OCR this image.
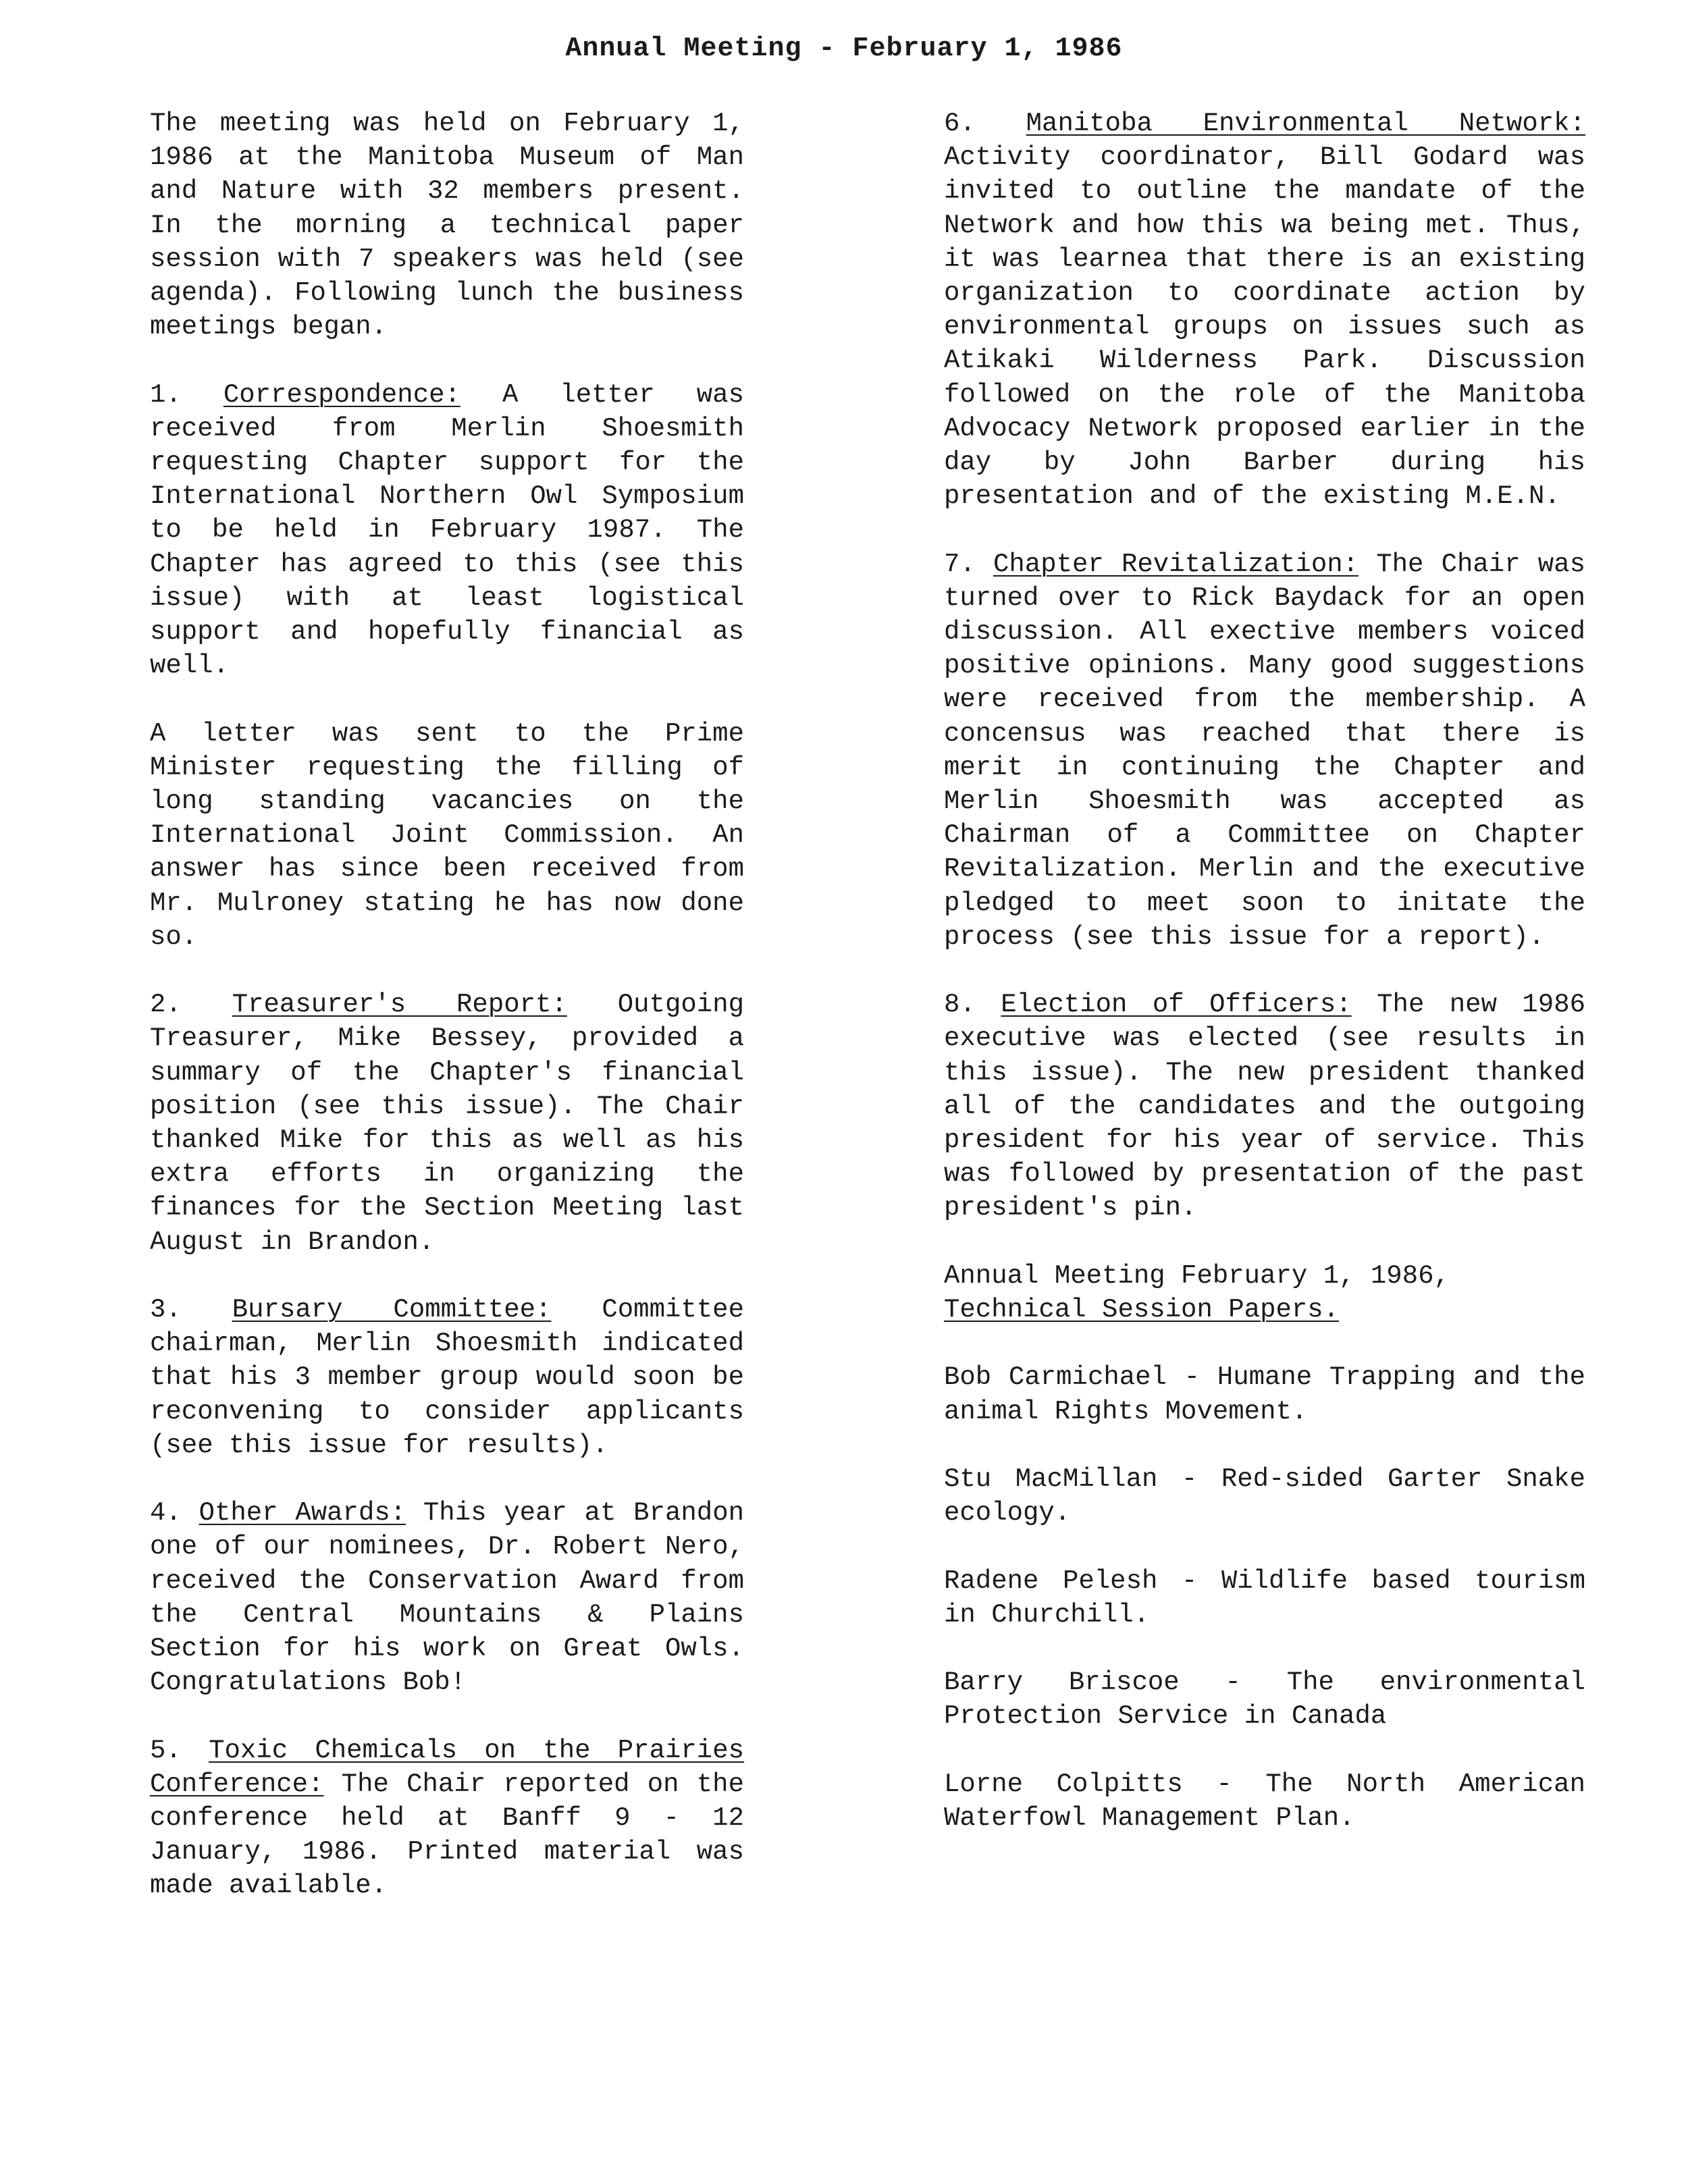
Annual Meeting - February 1, 1986

The meeting was held on February 1, 1986 at the Manitoba Museum of Man and Nature with 32 members present. In the morning a technical paper session with 7 speakers was held (see agenda). Following lunch the business meetings began.

1. Correspondence: A letter was received from Merlin Shoesmith requesting Chapter support for the International Northern Owl Symposium to be held in February 1987. The Chapter has agreed to this (see this issue) with at least logistical support and hopefully financial as well.

A letter was sent to the Prime Minister requesting the filling of long standing vacancies on the International Joint Commission. An answer has since been received from Mr. Mulroney stating he has now done so.

2. Treasurer's Report: Outgoing Treasurer, Mike Bessey, provided a summary of the Chapter's financial position (see this issue). The Chair thanked Mike for this as well as his extra efforts in organizing the finances for the Section Meeting last August in Brandon.

3. Bursary Committee: Committee chairman, Merlin Shoesmith indicated that his 3 member group would soon be reconvening to consider applicants (see this issue for results).

4. Other Awards: This year at Brandon one of our nominees, Dr. Robert Nero, received the Conservation Award from the Central Mountains & Plains Section for his work on Great Owls. Congratulations Bob!

5. Toxic Chemicals on the Prairies Conference: The Chair reported on the conference held at Banff 9 - 12 January, 1986. Printed material was made available.

6. Manitoba Environmental Network: Activity coordinator, Bill Godard was invited to outline the mandate of the Network and how this wa being met. Thus, it was learnea that there is an existing organization to coordinate action by environmental groups on issues such as Atikaki Wilderness Park. Discussion followed on the role of the Manitoba Advocacy Network proposed earlier in the day by John Barber during his presentation and of the existing M.E.N.

7. Chapter Revitalization: The Chair was turned over to Rick Baydack for an open discussion. All exective members voiced positive opinions. Many good suggestions were received from the membership. A concensus was reached that there is merit in continuing the Chapter and Merlin Shoesmith was accepted as Chairman of a Committee on Chapter Revitalization. Merlin and the executive pledged to meet soon to initate the process (see this issue for a report).

8. Election of Officers: The new 1986 executive was elected (see results in this issue). The new president thanked all of the candidates and the outgoing president for his year of service. This was followed by presentation of the past president's pin.

Annual Meeting February 1, 1986,
Technical Session Papers.

Bob Carmichael - Humane Trapping and the animal Rights Movement.

Stu MacMillan - Red-sided Garter Snake ecology.

Radene Pelesh - Wildlife based tourism in Churchill.

Barry Briscoe - The environmental Protection Service in Canada

Lorne Colpitts - The North American Waterfowl Management Plan.
